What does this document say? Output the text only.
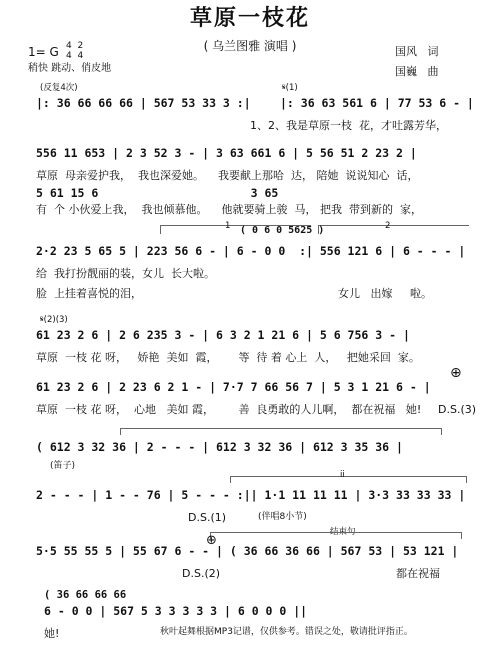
草原一枝花
( 乌兰图雅 演唱 )
1= G 4  2
4  4
稍快 跳动、俏皮地
国风   词
国巍   曲
(反复4次)	𝄋(1)
|: 36 66 66 66 | 567 53 33 3 :|	|: 36 63 561 6 | 77 53 6 - |
1、2、我是草原一枝  花，才吐露芳华，
556 11 653 | 2 3 52 3 - | 3 63 661 6 | 5 56 51 2 23 2 |
草原  母亲爱护我，  我也深爱她。    我要献上那哈  达， 陪她  说说知心  话，
5 61 15 6                      3 65
有  个 小伙爱上我，  我也倾慕他。    他就要骑上骏  马， 把我  带到新的  家，
1	2
( 0 6 0 5625 )
2·2 23 5 65 5 | 223 56 6 - | 6 - 0 0  :| 556 121 6 | 6 - - - |
给  我打扮靓丽的装，女儿  长大啦。
脸  上挂着喜悦的泪，	女儿   出嫁     啦。
𝄋(2)(3)
61 23 2 6 | 2 6 235 3 - | 6 3 2 1 21 6 | 5 6 756 3 - |
草原  一枝 花 呀，   娇艳  美如  霞，      等  待 着 心上  人，   把她采回  家。
⊕
61 23 2 6 | 2 23 6 2 1 - | 7·7 7 66 56 7 | 5 3 1 21 6 - |
草原  一枝 花 呀，  心地   美如 霞，       善  良勇敢的人儿啊，  都在祝福   她! D.S.(3)
( 612 3 32 36 | 2 - - - | 612 3 32 36 | 612 3 35 36 |
(笛子)
ii
2 - - - | 1 - - 76 | 5 - - - :|| 1·1 11 11 11 | 3·3 33 33 33 |
D.S.(1)	(伴唱8小节)
结束句
⊕
5·5 55 55 5 | 55 67 6 - - | ( 36 66 36 66 | 567 53 | 53 121 |
D.S.(2)	都在祝福
( 36 66 66 66
6 - 0 0 | 567 5 3 3 3 3 3 | 6 0 0 0 ||
她!	秋叶起舞根据MP3记谱，仅供参考。错误之处，敬请批评指正。
